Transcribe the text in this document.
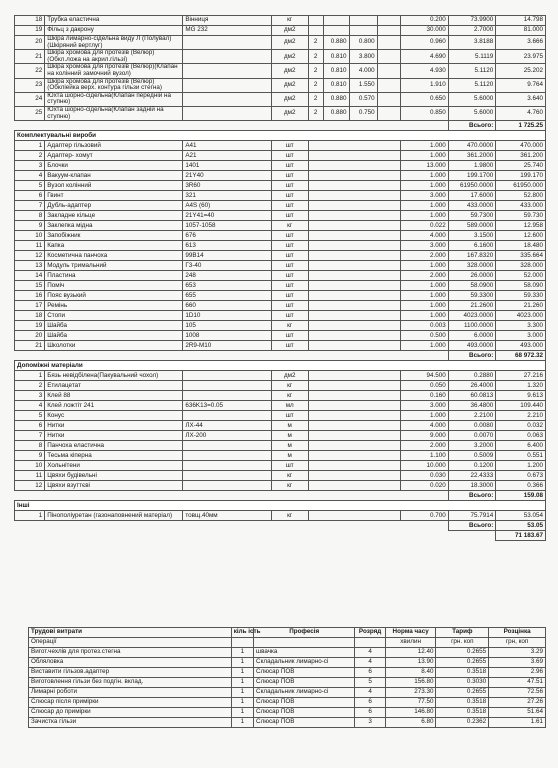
18	Трубка еластична	Вінниця	кг					0.200	73.9900	14.798
19	Фільц з дакрону	MG 232	дм2					30.000	2.7000	81.000
20	Шкіра лимарно-сідельна виду Л (Полувал)(Шкіряний вертлуг)		дм2	2	0.880	0.800		0.960	3.8188	3.666
21	Шкіра хромова для протезів (Велюр)(Обкл.ложа на акрил.гільзі)		дм2	2	0.810	3.800		4.690	5.1119	23.975
22	Шкіра хромова для протезів (Велюр)(Клапан на колінний замочний вузол)		дм2	2	0.810	4.000		4.930	5.1120	25.202
23	Шкіра хромова для протезів (Велюр)(Обкліейка верх. контура гільзи стегна)		дм2	2	0.810	1.550		1.910	5.1120	9.764
24	Юхта шорно-сідельна(Клапан передній на ступню)		дм2	2	0.880	0.570		0.650	5.6000	3.640
25	Юхта шорно-сідельна(Клапан задній на ступню)		дм2	2	0.880	0.750		0.850	5.6000	4.760
									Всього:	1 725.25
Комплектувальні вироби										
1	Адаптер гільзовий	A41	шт					1.000	470.0000	470.000
2	Адаптер- хомут	A21	шт					1.000	361.2000	361.200
3	Блочки	1401	шт					13.000	1.9800	25.740
4	Вакуум-клапан	21Y40	шт					1.000	199.1700	199.170
5	Вузол колінний	3R60	шт					1.000	61950.0000	61950.000
6	Гвинт	321	шт					3.000	17.6000	52.800
7	Дубль-адаптер	A4S (60)	шт					1.000	433.0000	433.000
8	Закладне кільце	21Y41=40	шт					1.000	59.7300	59.730
9	Заклепка мідна	1057-1058	кг					0.022	589.0000	12.958
10	Запобіжник	676	шт					4.000	3.1500	12.600
11	Капка	613	шт					3.000	6.1600	18.480
12	Косметична панчоха	99B14	шт					2.000	167.8320	335.664
13	Модуль тримальний	Г3-40	шт					1.000	328.0000	328.000
14	Пластина	248	шт					2.000	26.0000	52.000
15	Поміч	653	шт					1.000	58.0900	58.090
16	Пояс вузький	655	шт					1.000	59.3300	59.330
17	Ремінь	660	шт					1.000	21.2600	21.260
18	Стопи	1D10	шт					1.000	4023.0000	4023.000
19	Шайба	105	кг					0.003	1100.0000	3.300
20	Шайба	1008	шт					0.500	6.0000	3.000
21	Школотки	2R9-M10	шт					1.000	493.0000	493.000
									Всього:	68 972.32
Допоміжні матеріали										
1	Бязь невідбілена(Пакувальний чохол)		дм2					94.500	0.2880	27.216
2	Етилацетат		кг					0.050	26.4000	1.320
3	Клей 88		кг					0.160	60.0813	9.613
4	Клей ложтіт 241	636K13=0.05	мл					3.000	36.4800	109.440
5	Конус		шт					1.000	2.2100	2.210
6	Нитки	ЛХ-44	м					4.000	0.0080	0.032
7	Нитки	ЛХ-200	м					9.000	0.0070	0.063
8	Панчоха еластична		м					2.000	3.2000	6.400
9	Тесьма кіперна		м					1.100	0.5009	0.551
10	Хольнітени		шт					10.000	0.1200	1.200
11	Цвяхи будівельні		кг					0.030	22.4333	0.673
12	Цвяхи взуттєві		кг					0.020	18.3000	0.366
									Всього:	159.08
Інші										
1	Пінополіуретан (газонаповнений матеріал)	товщ.40мм	кг					0.700	75.7914	53.054
									Всього:	53.05
										71 183.67
Трудові витрати	кіль ість	Професія	Розряд	Норма часу	Тариф	Розцінка
Операції				хвилин	грн. коп	грн, коп
Вигот.чехлів для протез.стегна	1	швачка	4	12.40	0.2655	3.29
Обляловка	1	Складальник лимарно-сі	4	13.90	0.2655	3.69
Виставити гільзов.адаптер	1	Слюсар ПОВ	6	8.40	0.3518	2.96
Виготовлення гільзи без подгін. вклад.	1	Слюсар ПОВ	5	156.80	0.3030	47.51
Лимарні роботи	1	Складальник лимарно-сі	4	273.30	0.2655	72.56
Слюсар після примірки	1	Слюсар ПОВ	6	77.50	0.3518	27.26
Слюсар до примірки	1	Слюсар ПОВ	6	146.80	0.3518	51.64
Зачистка гільзи	1	Слюсар ПОВ	3	6.80	0.2362	1.61
